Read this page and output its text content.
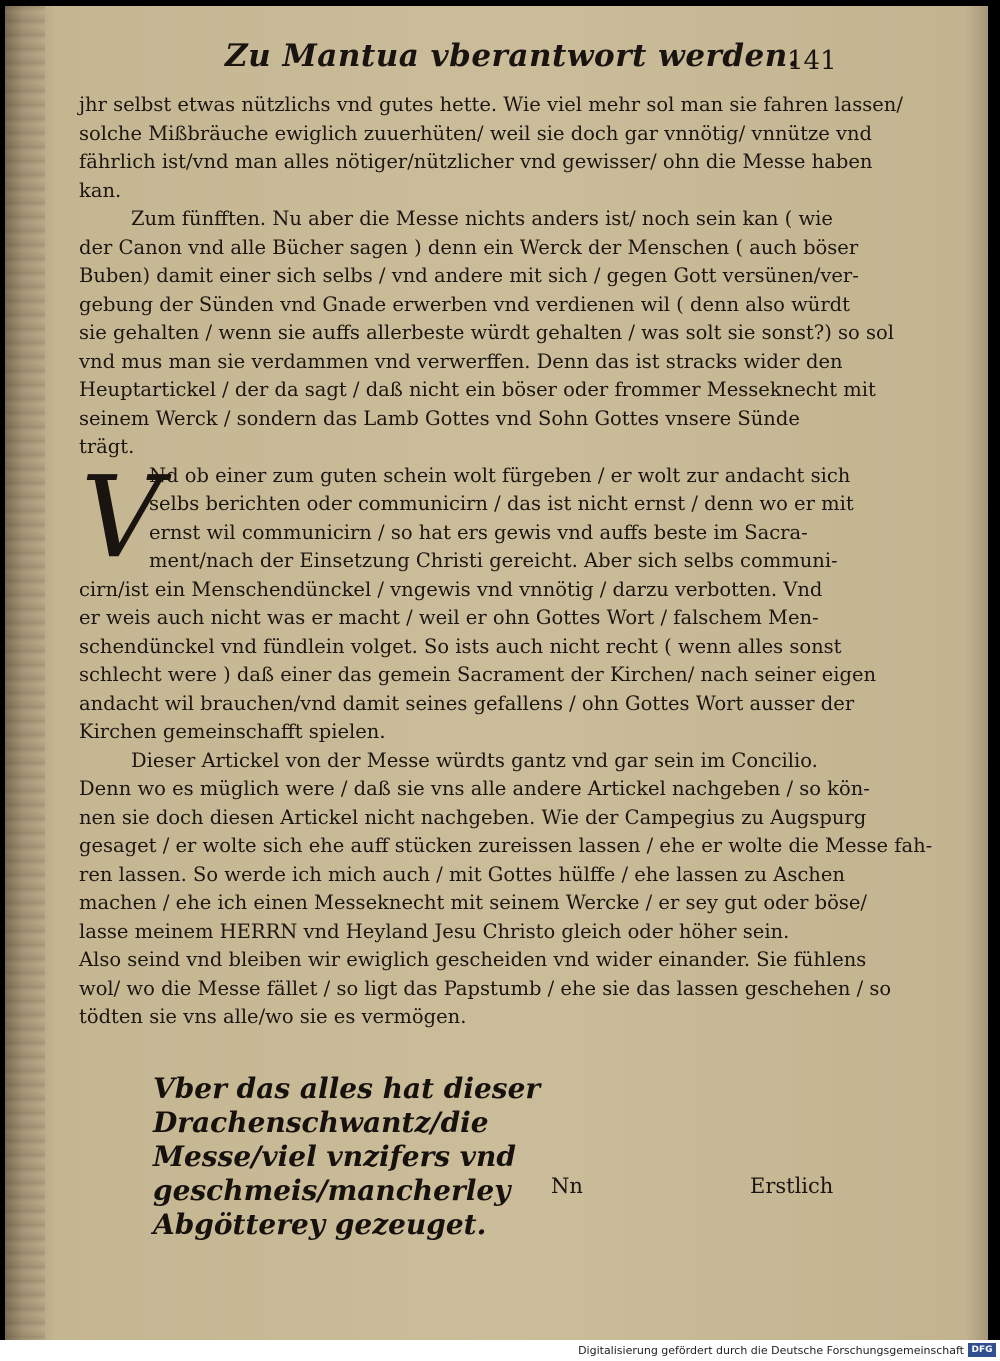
Zu Mantua vberantwort werden.
141
jhr selbst etwas nützlichs vnd gutes hette. Wie viel mehr sol man sie fahren lassen/
solche Mißbräuche ewiglich zuuerhüten/ weil sie doch gar vnnötig/ vnnütze vnd
fährlich ist/vnd man alles nötiger/nützlicher vnd gewisser/ ohn die Messe haben
kan.
Zum fünfften. Nu aber die Messe nichts anders ist/ noch sein kan ( wie
der Canon vnd alle Bücher sagen ) denn ein Werck der Menschen ( auch böser
Buben) damit einer sich selbs / vnd andere mit sich / gegen Gott versünen/ver-
gebung der Sünden vnd Gnade erwerben vnd verdienen wil ( denn also würdt
sie gehalten / wenn sie auffs allerbeste würdt gehalten / was solt sie sonst?) so sol
vnd mus man sie verdammen vnd verwerffen. Denn das ist stracks wider den
Heuptartickel / der da sagt / daß nicht ein böser oder frommer Messeknecht mit
seinem Werck / sondern das Lamb Gottes vnd Sohn Gottes vnsere Sünde
trägt.
V
Nd ob einer zum guten schein wolt fürgeben / er wolt zur andacht sich
selbs berichten oder communicirn / das ist nicht ernst / denn wo er mit
ernst wil communicirn / so hat ers gewis vnd auffs beste im Sacra-
ment/nach der Einsetzung Christi gereicht. Aber sich selbs communi-
cirn/ist ein Menschendünckel / vngewis vnd vnnötig / darzu verbotten. Vnd
er weis auch nicht was er macht / weil er ohn Gottes Wort / falschem Men-
schendünckel vnd fündlein volget. So ists auch nicht recht ( wenn alles sonst
schlecht were ) daß einer das gemein Sacrament der Kirchen/ nach seiner eigen
andacht wil brauchen/vnd damit seines gefallens / ohn Gottes Wort ausser der
Kirchen gemeinschafft spielen.
Dieser Artickel von der Messe würdts gantz vnd gar sein im Concilio.
Denn wo es müglich were / daß sie vns alle andere Artickel nachgeben / so kön-
nen sie doch diesen Artickel nicht nachgeben. Wie der Campegius zu Augspurg
gesaget / er wolte sich ehe auff stücken zureissen lassen / ehe er wolte die Messe fah-
ren lassen. So werde ich mich auch / mit Gottes hülffe / ehe lassen zu Aschen
machen / ehe ich einen Messeknecht mit seinem Wercke / er sey gut oder böse/
lasse meinem HERRN vnd Heyland Jesu Christo gleich oder höher sein.
Also seind vnd bleiben wir ewiglich gescheiden vnd wider einander. Sie fühlens
wol/ wo die Messe fället / so ligt das Papstumb / ehe sie das lassen geschehen / so
tödten sie vns alle/wo sie es vermögen.
Vber das alles hat dieser Drachenschwantz/die
Messe/viel vnzifers vnd geschmeis/mancherley
Abgötterey gezeuget.
Nn	Erstlich
Digitalisierung gefördert durch die Deutsche Forschungsgemeinschaft DFG
